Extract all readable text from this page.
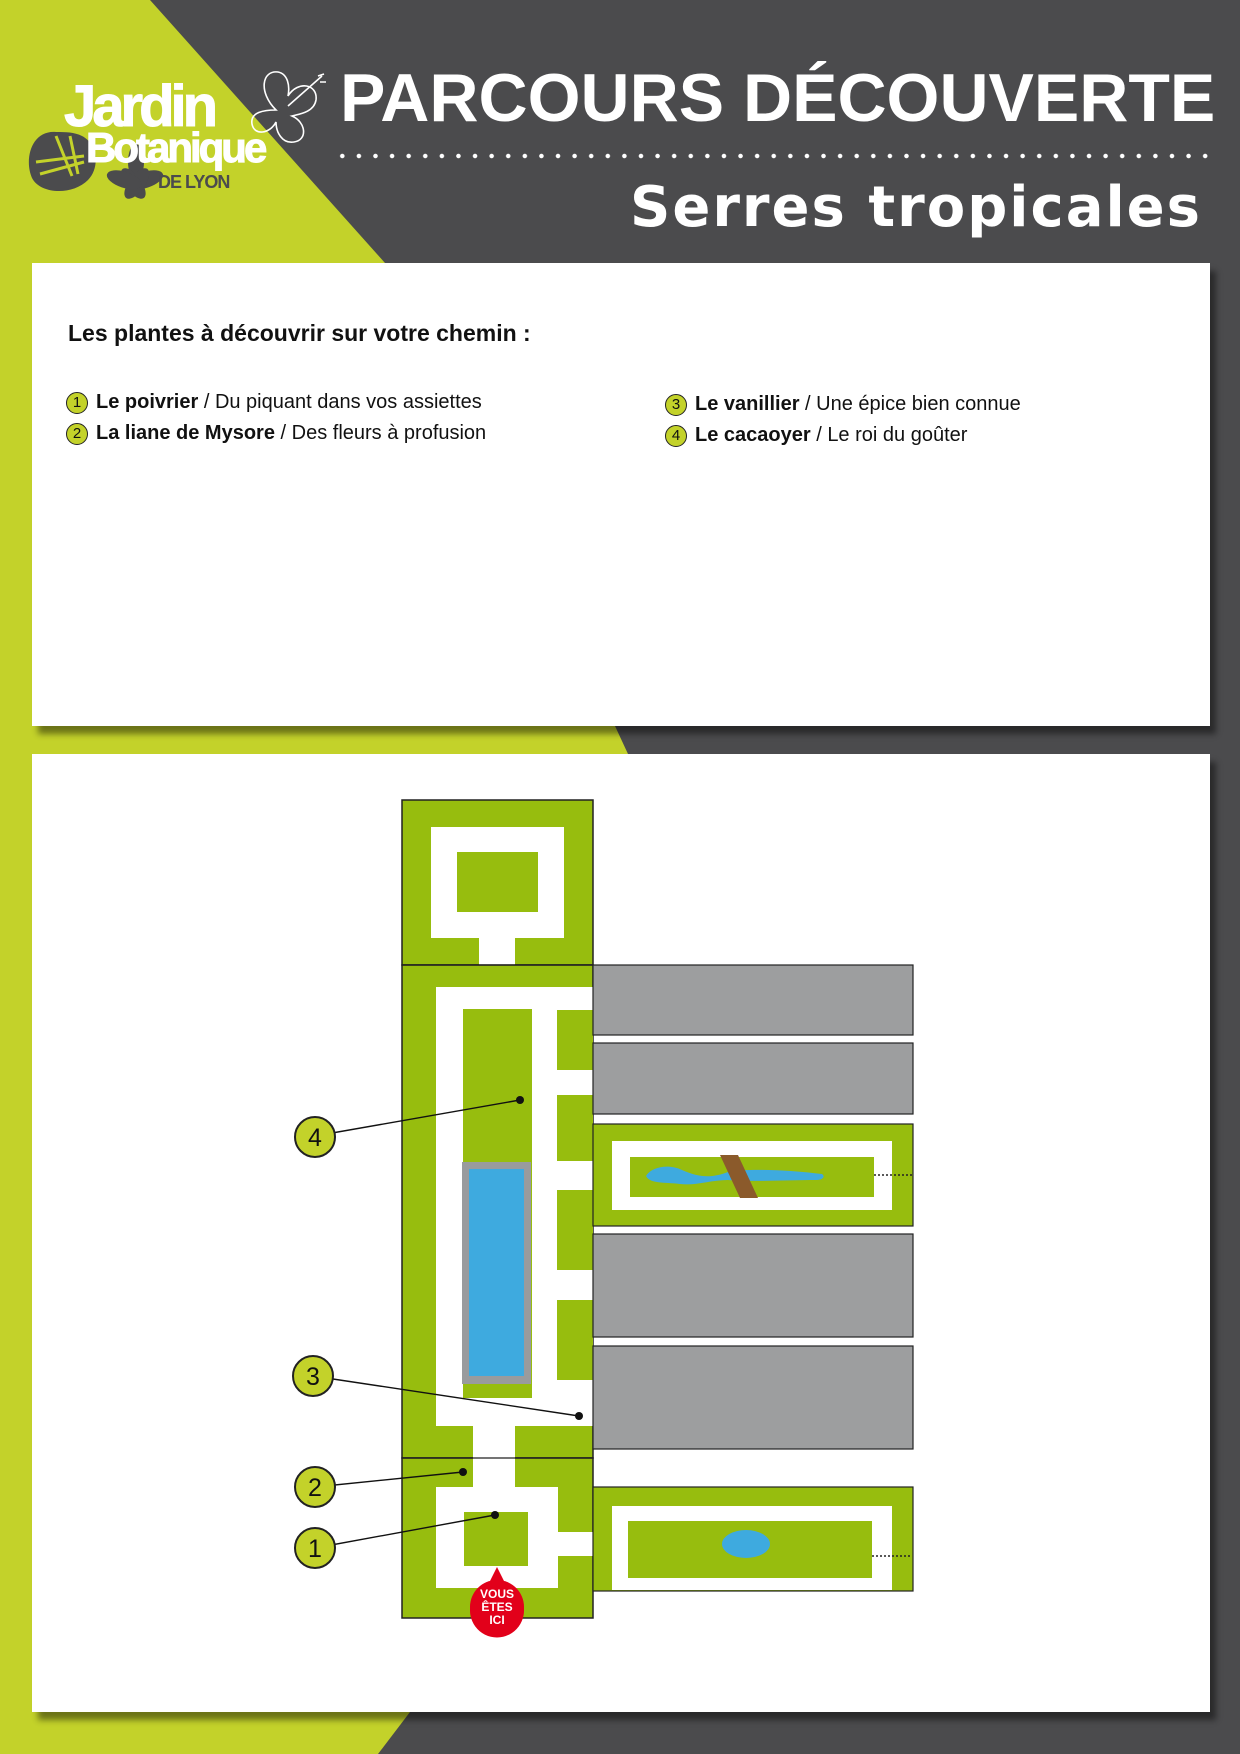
Jardin
Botanique
DE LYON
PARCOURS DÉCOUVERTE
Serres tropicales
Les plantes à découvrir sur votre chemin :
1 Le poivrier / Du piquant dans vos assiettes
2 La liane de Mysore / Des fleurs à profusion
3 Le vanillier / Une épice bien connue
4 Le cacaoyer / Le roi du goûter
4
3
2
1
VOUS
ÊTES
ICI
